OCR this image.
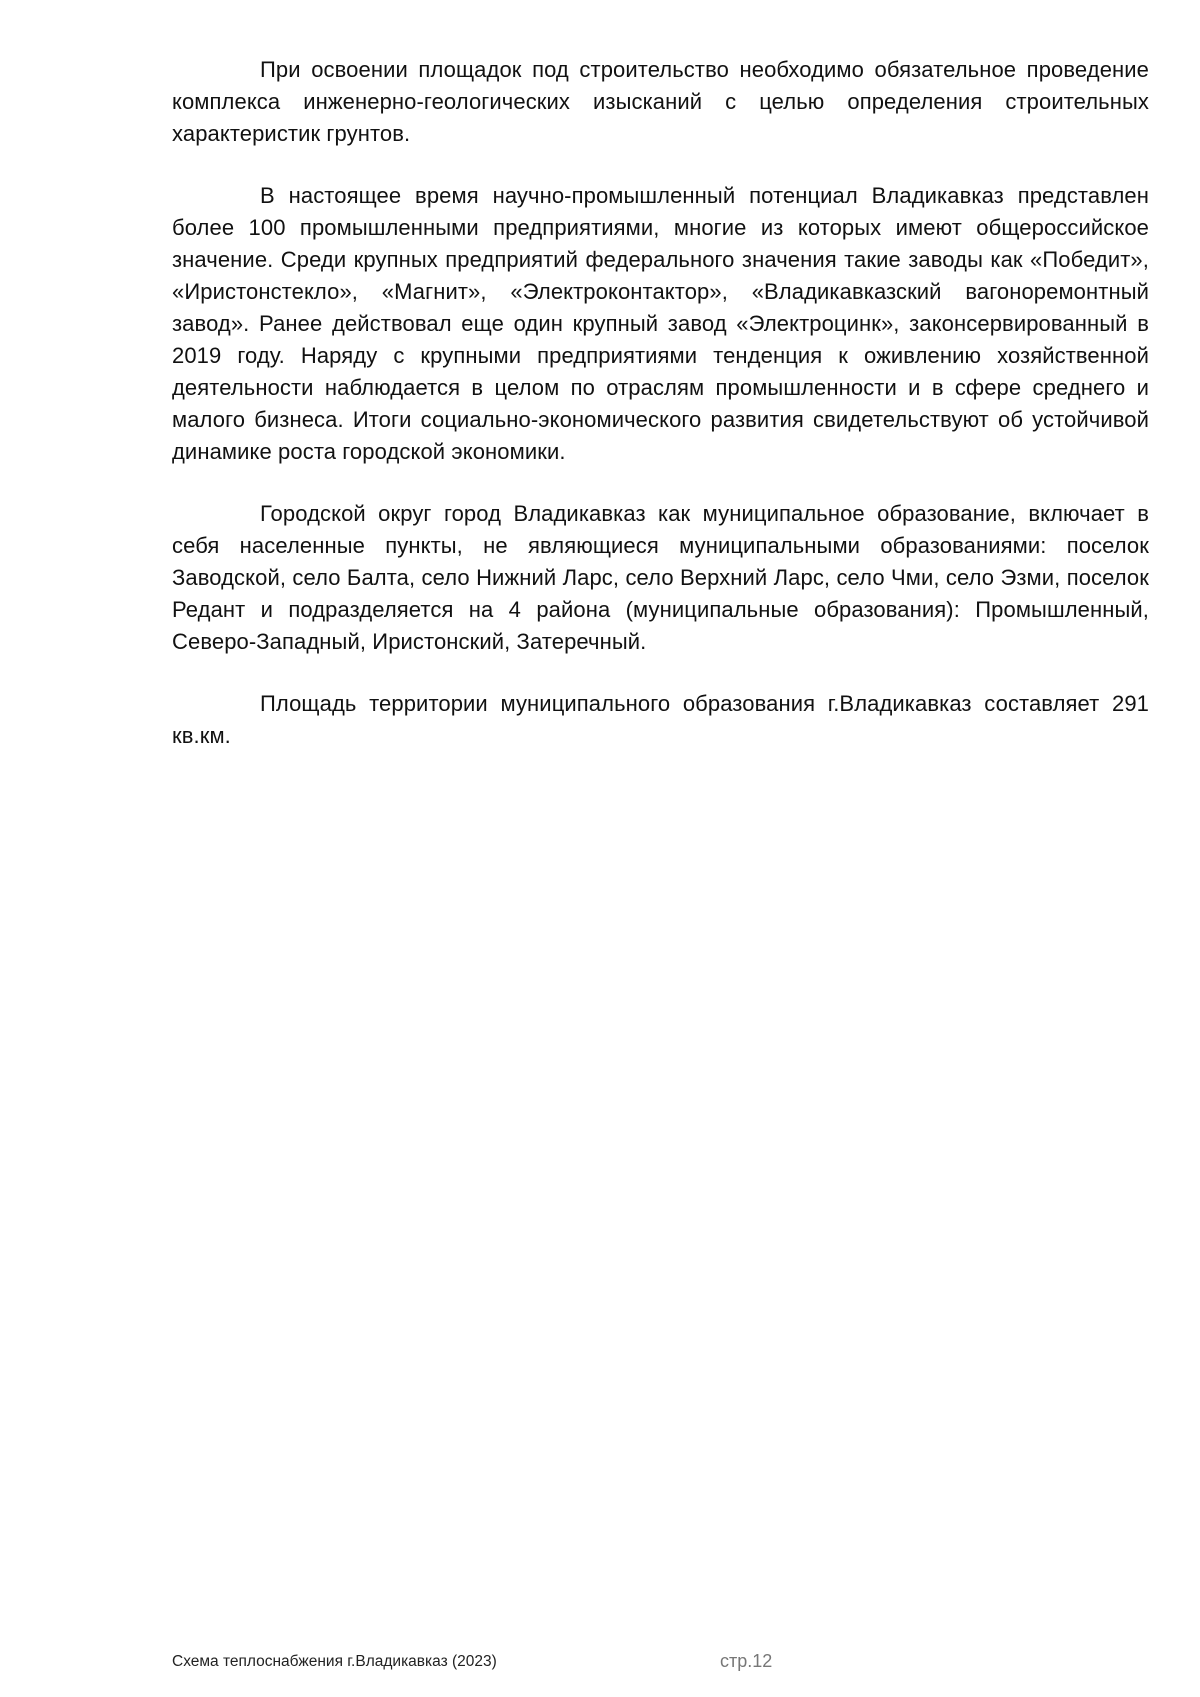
При освоении площадок под строительство необходимо обязательное проведение комплекса инженерно-геологических изысканий с целью определения строительных характеристик грунтов.

В настоящее время научно-промышленный потенциал Владикавказ представлен более 100 промышленными предприятиями, многие из которых имеют общероссийское значение. Среди крупных предприятий федерального значения такие заводы как «Победит», «Иристонстекло», «Магнит», «Электроконтактор», «Владикавказский вагоноремонтный завод». Ранее действовал еще один крупный завод «Электроцинк», законсервированный в 2019 году. Наряду с крупными предприятиями тенденция к оживлению хозяйственной деятельности наблюдается в целом по отраслям промышленности и в сфере среднего и малого бизнеса. Итоги социально-экономического развития свидетельствуют об устойчивой динамике роста городской экономики.

Городской округ город Владикавказ как муниципальное образование, включает в себя населенные пункты, не являющиеся муниципальными образованиями: поселок Заводской, село Балта, село Нижний Ларс, село Верхний Ларс, село Чми, село Эзми, поселок Редант и подразделяется на 4 района (муниципальные образования): Промышленный, Северо-Западный, Иристонский, Затеречный.

Площадь территории муниципального образования г.Владикавказ составляет 291 кв.км.

Схема теплоснабжения г.Владикавказ (2023)	стр.12
